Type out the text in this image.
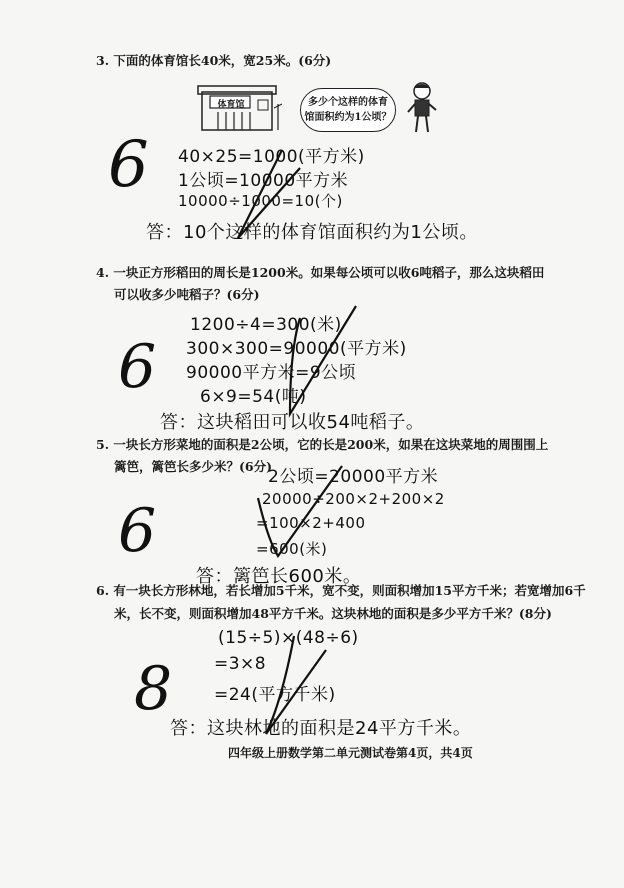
3. 下面的体育馆长40米，宽25米。(6分)
体育馆	多少个这样的体育
馆面积约为1公顷？
40×25=1000(平方米)
1公顷=10000平方米
10000÷1000=10(个)
答：10个这样的体育馆面积约为1公顷。
4. 一块正方形稻田的周长是1200米。如果每公顷可以收6吨稻子，那么这块稻田
可以收多少吨稻子？(6分)
1200÷4=300(米)
300×300=90000(平方米)
90000平方米=9公顷
6×9=54(吨)
答：这块稻田可以收54吨稻子。
5. 一块长方形菜地的面积是2公顷，它的长是200米，如果在这块菜地的周围围上
篱笆，篱笆长多少米？(6分)
2公顷=20000平方米
20000÷200×2+200×2
=100×2+400
=600(米)
答：篱笆长600米。
6. 有一块长方形林地，若长增加5千米，宽不变，则面积增加15平方千米；若宽增加6千
米，长不变，则面积增加48平方千米。这块林地的面积是多少平方千米？(8分)
(15÷5)×(48÷6)
=3×8
=24(平方千米)
答：这块林地的面积是24平方千米。
6
6
6
8
四年级上册数学第二单元测试卷第4页，共4页
